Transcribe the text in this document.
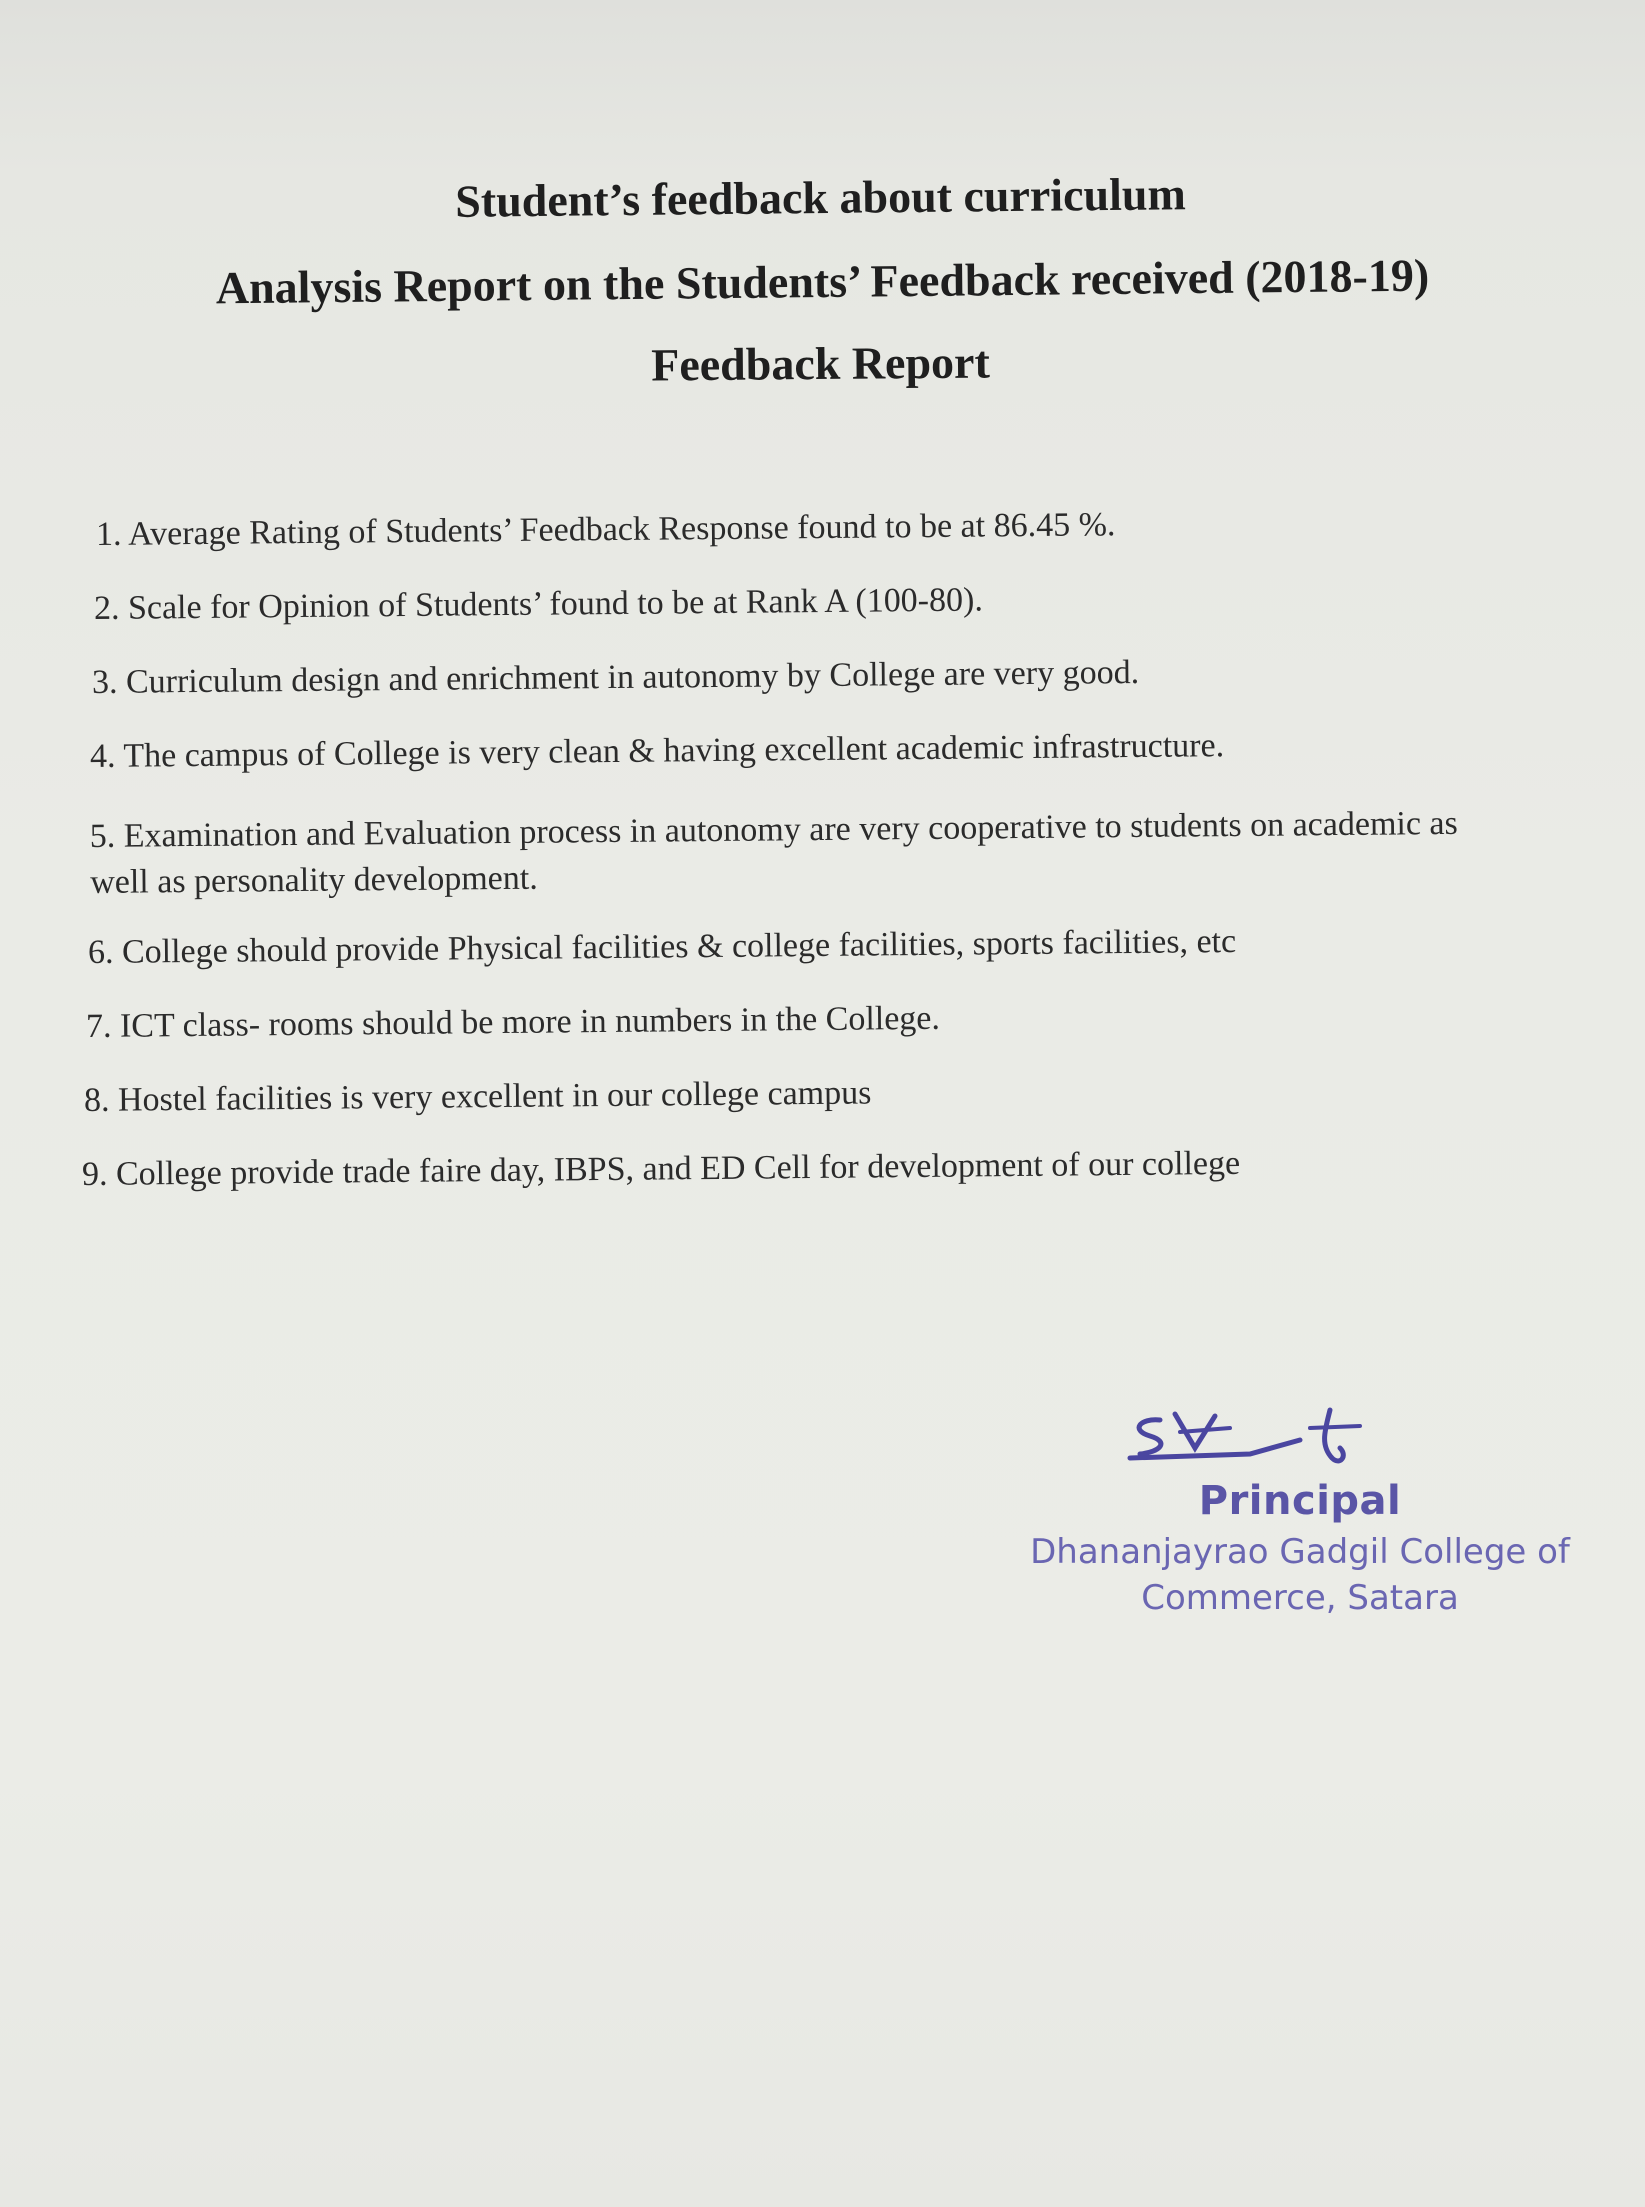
Student’s feedback about curriculum
Analysis Report on the Students’ Feedback received (2018-19)
Feedback Report
1. Average Rating of Students’ Feedback Response found to be at 86.45 %.
2. Scale for Opinion of Students’ found to be at Rank A (100-80).
3. Curriculum design and enrichment in autonomy by College are very good.
4. The campus of College is very clean & having excellent academic infrastructure.
5. Examination and Evaluation process in autonomy are very cooperative to students on academic as well as personality development.
6. College should provide Physical facilities & college facilities, sports facilities, etc
7. ICT class- rooms should be more in numbers in the College.
8. Hostel facilities is very excellent in our college campus
9. College provide trade faire day, IBPS, and ED Cell for development of our college
Principal
Dhananjayrao Gadgil College of
Commerce, Satara
